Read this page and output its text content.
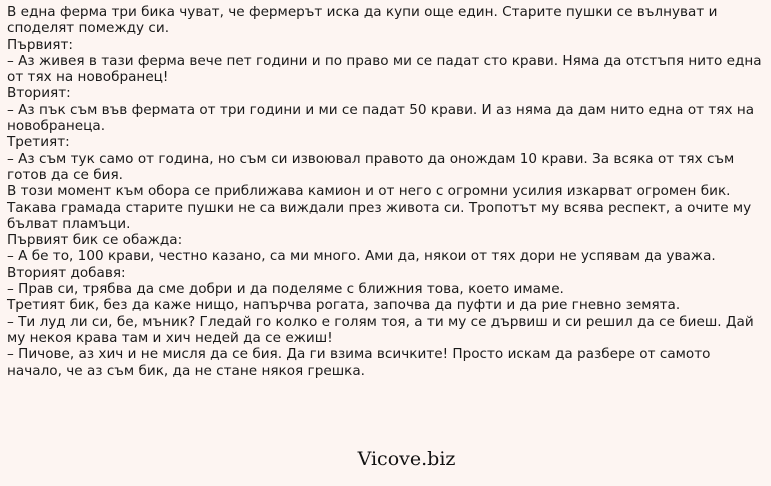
В една ферма три бика чуват, че фермерът иска да купи още един. Старите пушки се вълнуват и споделят помежду си.

Първият:

– Аз живея в тази ферма вече пет години и по право ми се падат сто крави. Няма да отстъпя нито една от тях на новобранец!

Вторият:

– Аз пък съм във фермата от три години и ми се падат 50 крави. И аз няма да дам нито една от тях на новобранеца.

Третият:

– Аз съм тук само от година, но съм си извоювал правото да онождам 10 крави. За всяка от тях съм готов да се бия.

В този момент към обора се приближава камион и от него с огромни усилия изкарват огромен бик. Такава грамада старите пушки не са виждали през живота си. Тропотът му всява респект, а очите му бълват пламъци.

Първият бик се обажда:

– А бе то, 100 крави, честно казано, са ми много. Ами да, някои от тях дори не успявам да уважа.

Вторият добавя:

– Прав си, трябва да сме добри и да поделяме с ближния това, което имаме.

Третият бик, без да каже нищо, напърчва рогата, започва да пуфти и да рие гневно земята.

– Ти луд ли си, бе, мъник? Гледай го колко е голям тоя, а ти му се дървиш и си решил да се биеш. Дай му некоя крава там и хич недей да се ежиш!

– Пичове, аз хич и не мисля да се бия. Да ги взима всичките! Просто искам да разбере от самото начало, че аз съм бик, да не стане някоя грешка.

Vicove.biz
